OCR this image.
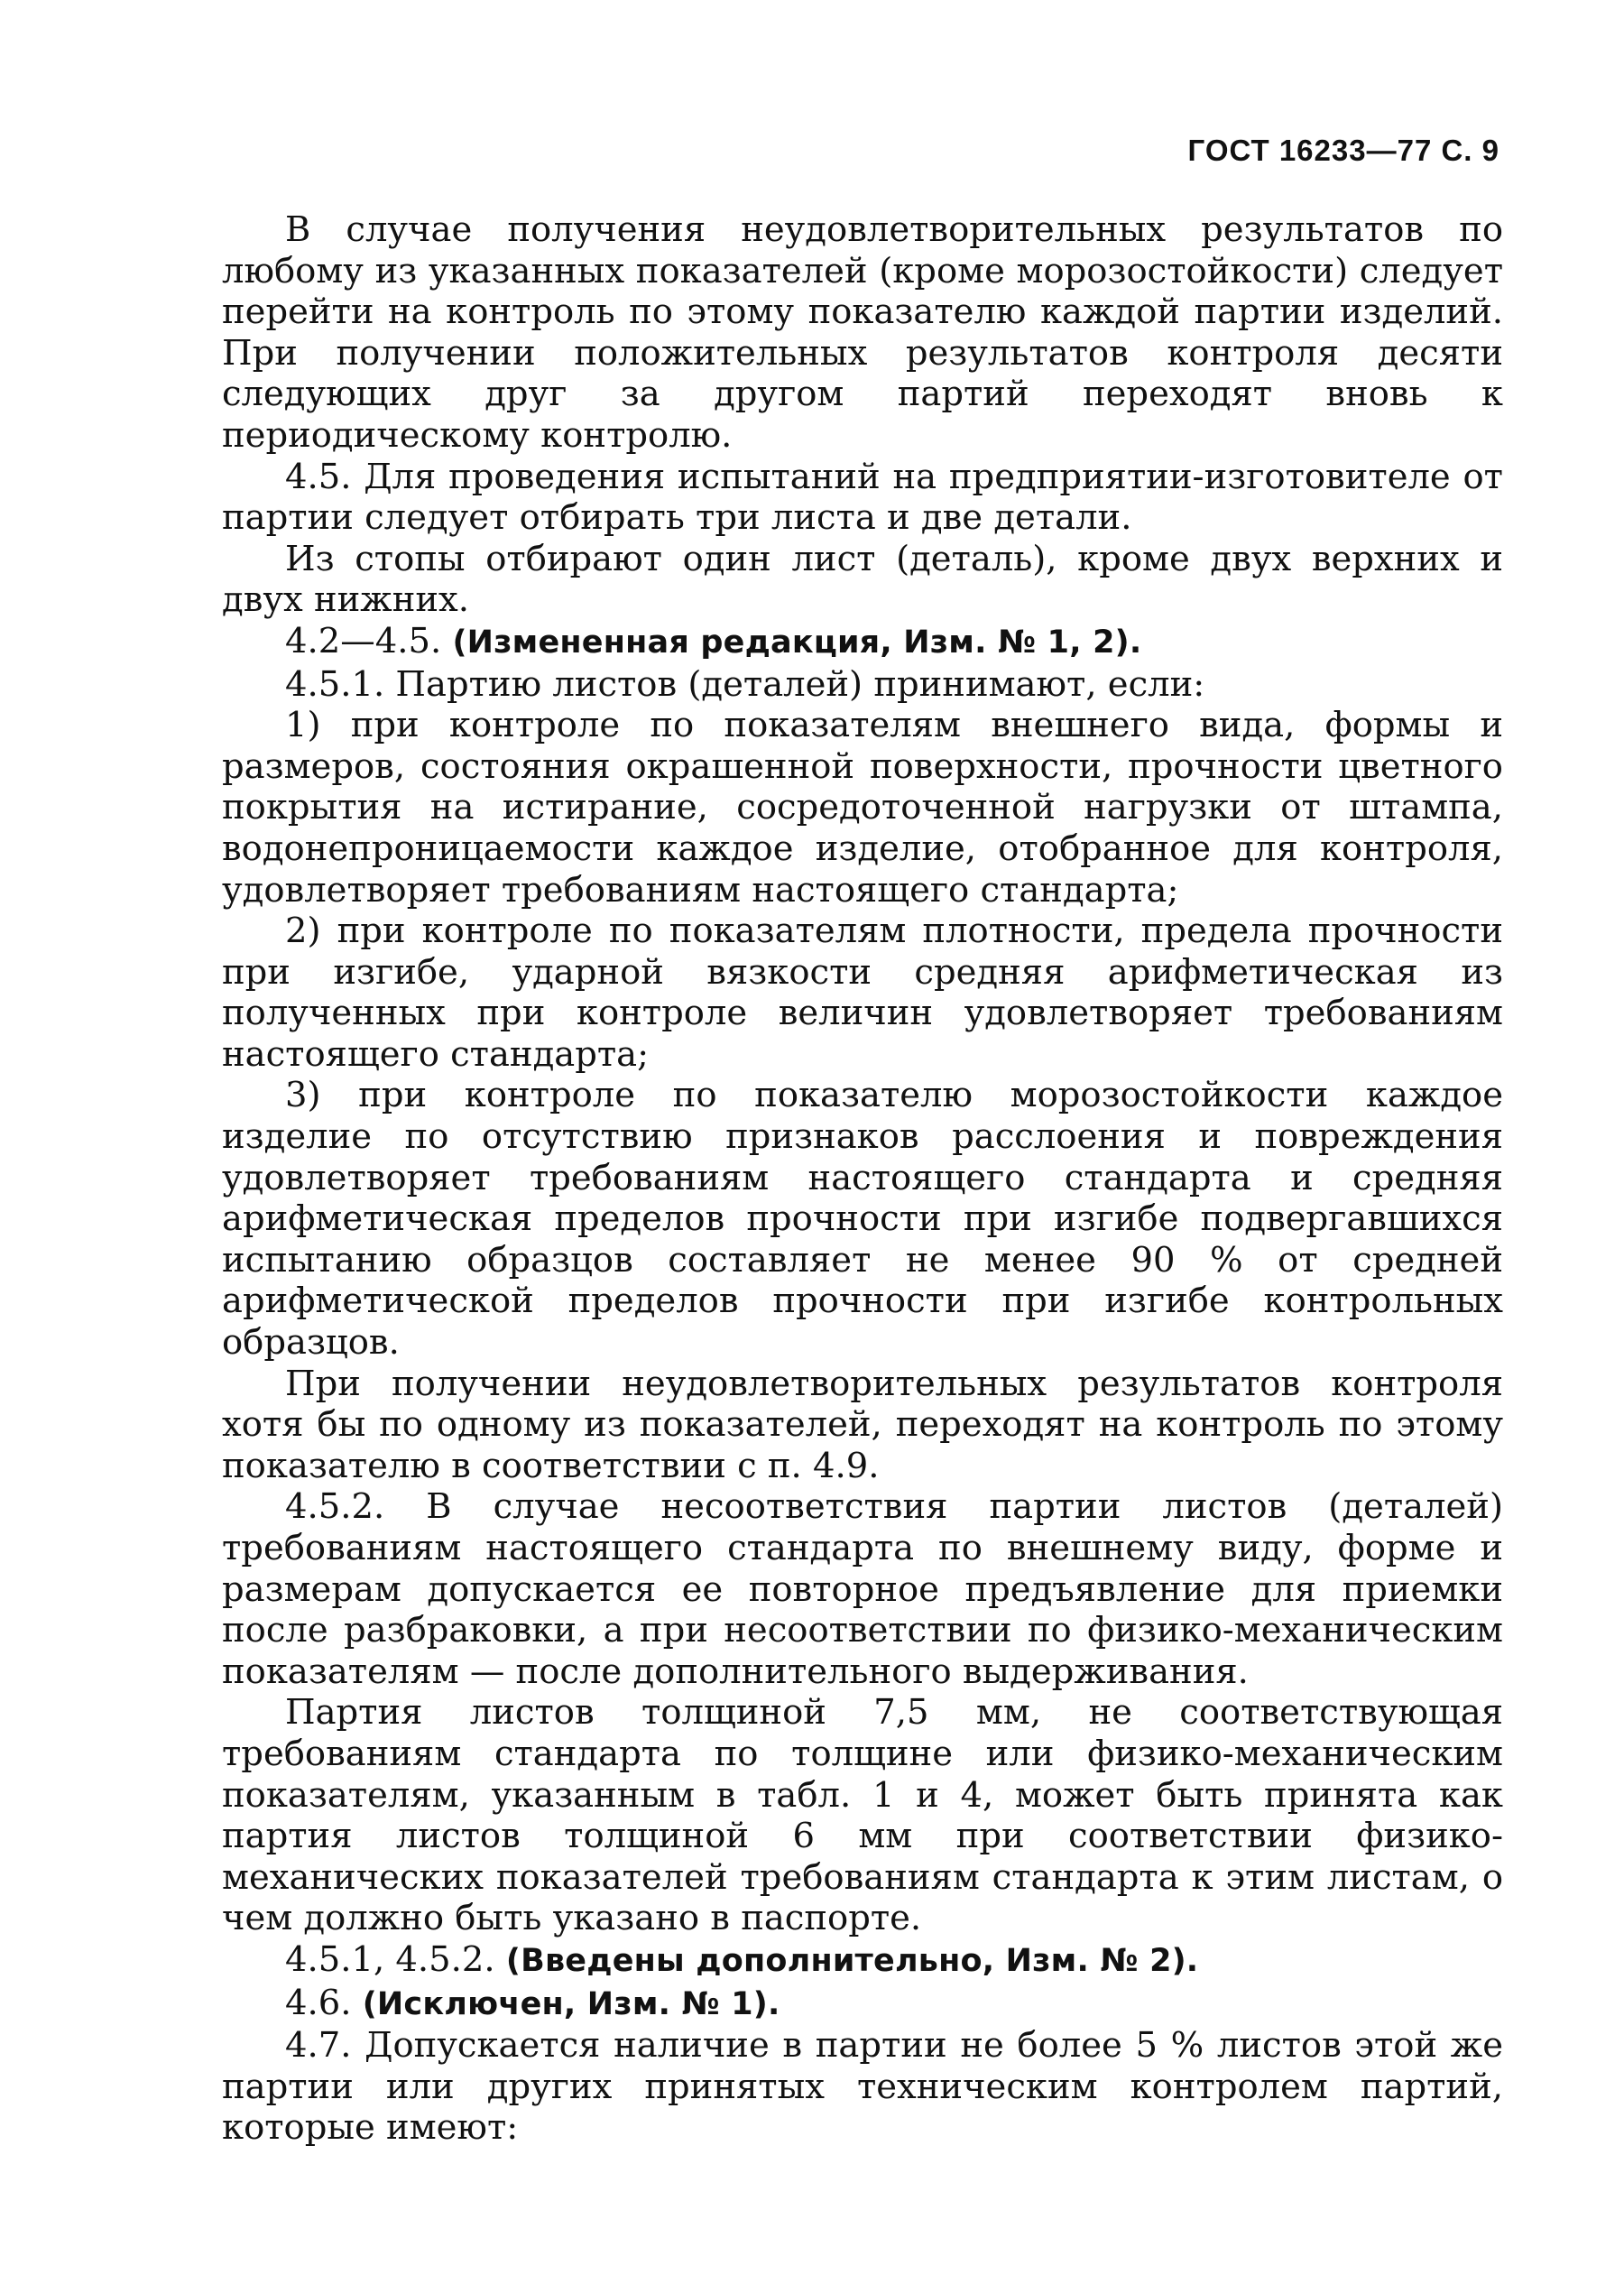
ГОСТ 16233—77 С. 9

В случае получения неудовлетворительных результатов по любому из указанных показателей (кроме морозостойкости) следует перейти на контроль по этому показателю каждой партии изделий. При получении положительных результатов контроля десяти следующих друг за другом партий переходят вновь к периодическому контролю.

4.5. Для проведения испытаний на предприятии-изготовителе от партии следует отбирать три листа и две детали.

Из стопы отбирают один лист (деталь), кроме двух верхних и двух нижних.

4.2—4.5. (Измененная редакция, Изм. № 1, 2).

4.5.1. Партию листов (деталей) принимают, если:

1) при контроле по показателям внешнего вида, формы и размеров, состояния окрашенной поверхности, прочности цветного покрытия на истирание, сосредоточенной нагрузки от штампа, водонепроницаемости каждое изделие, отобранное для контроля, удовлетворяет требованиям настоящего стандарта;

2) при контроле по показателям плотности, предела прочности при изгибе, ударной вязкости средняя арифметическая из полученных при контроле величин удовлетворяет требованиям настоящего стандарта;

3) при контроле по показателю морозостойкости каждое изделие по отсутствию признаков расслоения и повреждения удовлетворяет требованиям настоящего стандарта и средняя арифметическая пределов прочности при изгибе подвергавшихся испытанию образцов составляет не менее 90 % от средней арифметической пределов прочности при изгибе контрольных образцов.

При получении неудовлетворительных результатов контроля хотя бы по одному из показателей, переходят на контроль по этому показателю в соответствии с п. 4.9.

4.5.2. В случае несоответствия партии листов (деталей) требованиям настоящего стандарта по внешнему виду, форме и размерам допускается ее повторное предъявление для приемки после разбраковки, а при несоответствии по физико-механическим показателям — после дополнительного выдерживания.

Партия листов толщиной 7,5 мм, не соответствующая требованиям стандарта по толщине или физико-механическим показателям, указанным в табл. 1 и 4, может быть принята как партия листов толщиной 6 мм при соответствии физико-механических показателей требованиям стандарта к этим листам, о чем должно быть указано в паспорте.

4.5.1, 4.5.2. (Введены дополнительно, Изм. № 2).

4.6. (Исключен, Изм. № 1).

4.7. Допускается наличие в партии не более 5 % листов этой же партии или других принятых техническим контролем партий, которые имеют:
